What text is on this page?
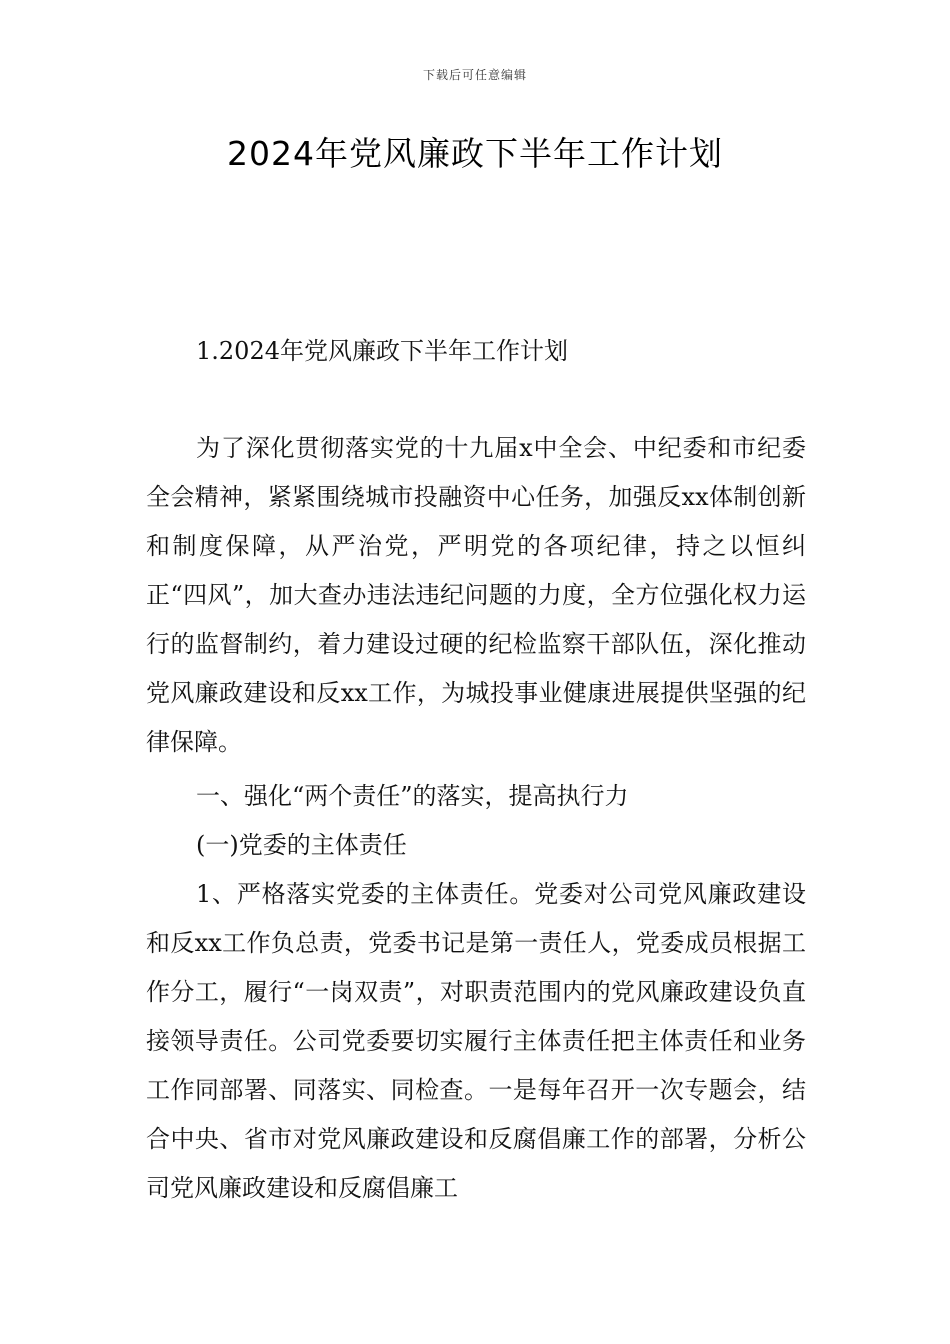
下载后可任意编辑
2024年党风廉政下半年工作计划
1.2024年党风廉政下半年工作计划

为了深化贯彻落实党的十九届x中全会、中纪委和市纪委全会精神，紧紧围绕城市投融资中心任务，加强反xx体制创新和制度保障，从严治党，严明党的各项纪律，持之以恒纠正“四风”，加大查办违法违纪问题的力度，全方位强化权力运行的监督制约，着力建设过硬的纪检监察干部队伍，深化推动党风廉政建设和反xx工作，为城投事业健康进展提供坚强的纪律保障。

一、强化“两个责任”的落实，提高执行力

(一)党委的主体责任

1、严格落实党委的主体责任。党委对公司党风廉政建设和反xx工作负总责，党委书记是第一责任人，党委成员根据工作分工，履行“一岗双责”，对职责范围内的党风廉政建设负直接领导责任。公司党委要切实履行主体责任把主体责任和业务工作同部署、同落实、同检查。一是每年召开一次专题会，结合中央、省市对党风廉政建设和反腐倡廉工作的部署，分析公司党风廉政建设和反腐倡廉工
